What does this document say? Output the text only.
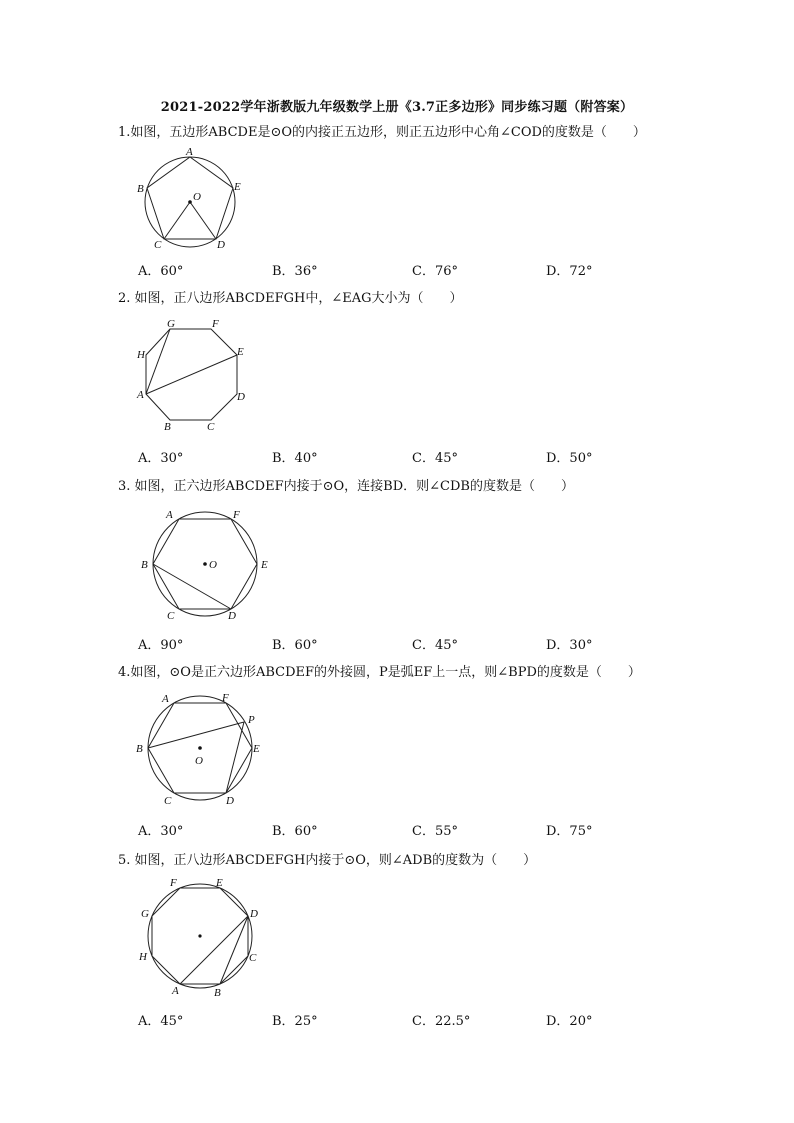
2021-2022学年浙教版九年级数学上册《3.7正多边形》同步练习题（附答案）
1.如图，五边形ABCDE是⊙O的内接正五边形，则正五边形中心角∠COD的度数是（　　）
A
B
C	D
E
O
A．60°	B．36°	C．76°	D．72°
2. 如图，正八边形ABCDEFGH中，∠EAG大小为（　　）
G	F
H	E
A	D
B	C
A．30°	B．40°	C．45°	D．50°
3. 如图，正六边形ABCDEF内接于⊙O，连接BD．则∠CDB的度数是（　　）
A	F
B	O	E
C	D
A．90°	B．60°	C．45°	D．30°
4.如图，⊙O是正六边形ABCDEF的外接圆，P是弧EF上一点，则∠BPD的度数是（　　）
A	F
P
B
O
E
C	D
A．30°	B．60°	C．55°	D．75°
5. 如图，正八边形ABCDEFGH内接于⊙O，则∠ADB的度数为（　　）
F	E
G	D
H	C
A	B
A．45°	B．25°	C．22.5°	D．20°
